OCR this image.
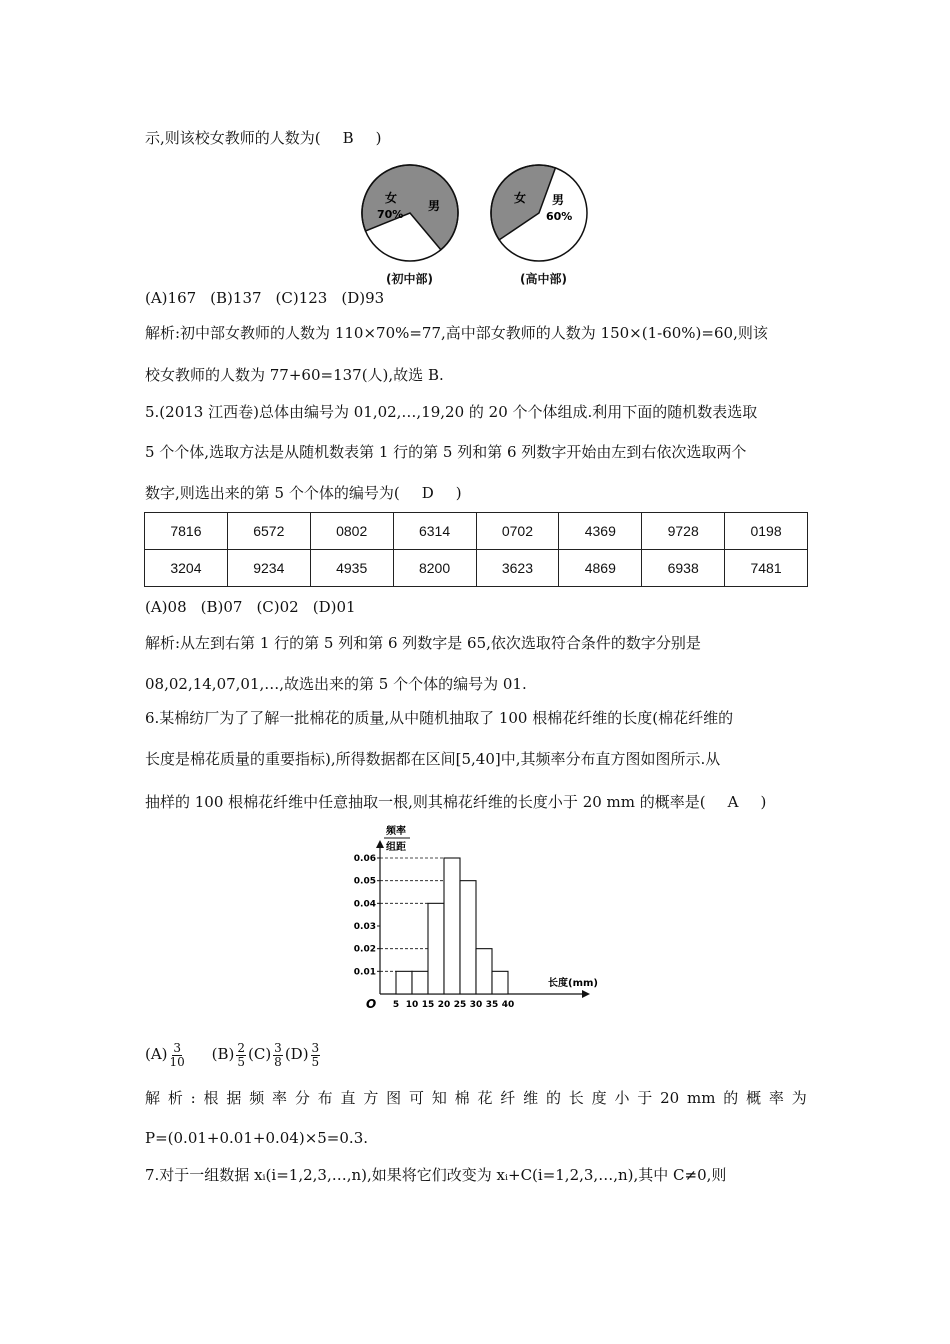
示,则该校女教师的人数为( B )
女
70%
男
(初中部)
女 男
60%
(高中部)
(A)167 (B)137 (C)123 (D)93
解析:初中部女教师的人数为 110×70%=77,高中部女教师的人数为 150×(1-60%)=60,则该
校女教师的人数为 77+60=137(人),故选 B.
5.(2013 江西卷)总体由编号为 01,02,…,19,20 的 20 个个体组成.利用下面的随机数表选取
5 个个体,选取方法是从随机数表第 1 行的第 5 列和第 6 列数字开始由左到右依次选取两个
数字,则选出来的第 5 个个体的编号为( D )
7816	6572	0802	6314	0702	4369	9728	0198
3204	9234	4935	8200	3623	4869	6938	7481
(A)08 (B)07 (C)02 (D)01
解析:从左到右第 1 行的第 5 列和第 6 列数字是 65,依次选取符合条件的数字分别是
08,02,14,07,01,…,故选出来的第 5 个个体的编号为 01.
6.某棉纺厂为了了解一批棉花的质量,从中随机抽取了 100 根棉花纤维的长度(棉花纤维的
长度是棉花质量的重要指标),所得数据都在区间[5,40]中,其频率分布直方图如图所示.从
抽样的 100 根棉花纤维中任意抽取一根,则其棉花纤维的长度小于 20 mm 的概率是( A )
频率
组距
O
0.01
0.02
0.03
0.04
0.05
0.06
5 10 15 20 25 30 35 40
长度(mm)
$(A) \frac{3}{10} (B) \frac{2}{5} (C) \frac{3}{8} (D) \frac{3}{5}$
解 析 : 根 据 频 率 分 布 直 方 图 可 知 棉 花 纤 维 的 长 度 小 于 20 mm 的 概 率 为
P=(0.01+0.01+0.04)×5=0.3.
7.对于一组数据 xᵢ(i=1,2,3,…,n),如果将它们改变为 xᵢ+C(i=1,2,3,…,n),其中 C≠0,则
